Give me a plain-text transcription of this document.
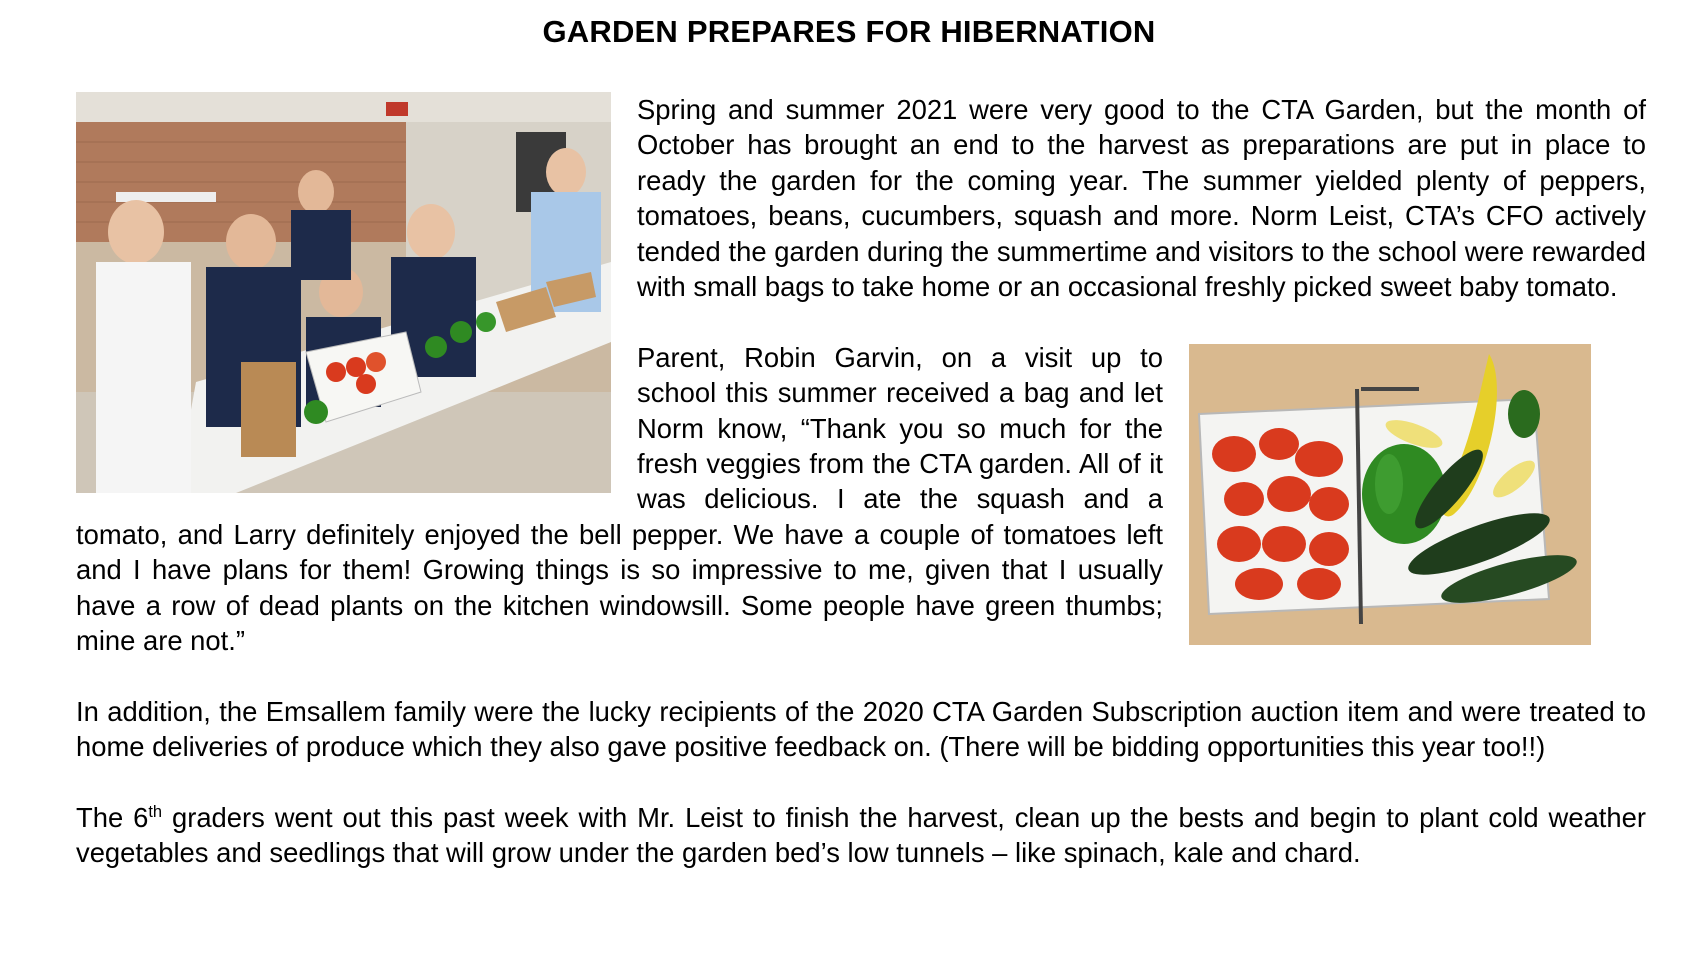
GARDEN PREPARES FOR HIBERNATION

Spring and summer 2021 were very good to the CTA Garden, but the month of October has brought an end to the harvest as preparations are put in place to ready the garden for the coming year. The summer yielded plenty of peppers, tomatoes, beans, cucumbers, squash and more. Norm Leist, CTA’s CFO actively tended the garden during the summertime and visitors to the school were rewarded with small bags to take home or an occasional freshly picked sweet baby tomato.

Parent, Robin Garvin, on a visit up to school this summer received a bag and let Norm know, “Thank you so much for the fresh veggies from the CTA garden. All of it was delicious. I ate the squash and a tomato, and Larry definitely enjoyed the bell pepper. We have a couple of tomatoes left and I have plans for them! Growing things is so impressive to me, given that I usually have a row of dead plants on the kitchen windowsill. Some people have green thumbs; mine are not.”

In addition, the Emsallem family were the lucky recipients of the 2020 CTA Garden Subscription auction item and were treated to home deliveries of produce which they also gave positive feedback on. (There will be bidding opportunities this year too!!)

The 6th graders went out this past week with Mr. Leist to finish the harvest, clean up the bests and begin to plant cold weather vegetables and seedlings that will grow under the garden bed’s low tunnels – like spinach, kale and chard.
